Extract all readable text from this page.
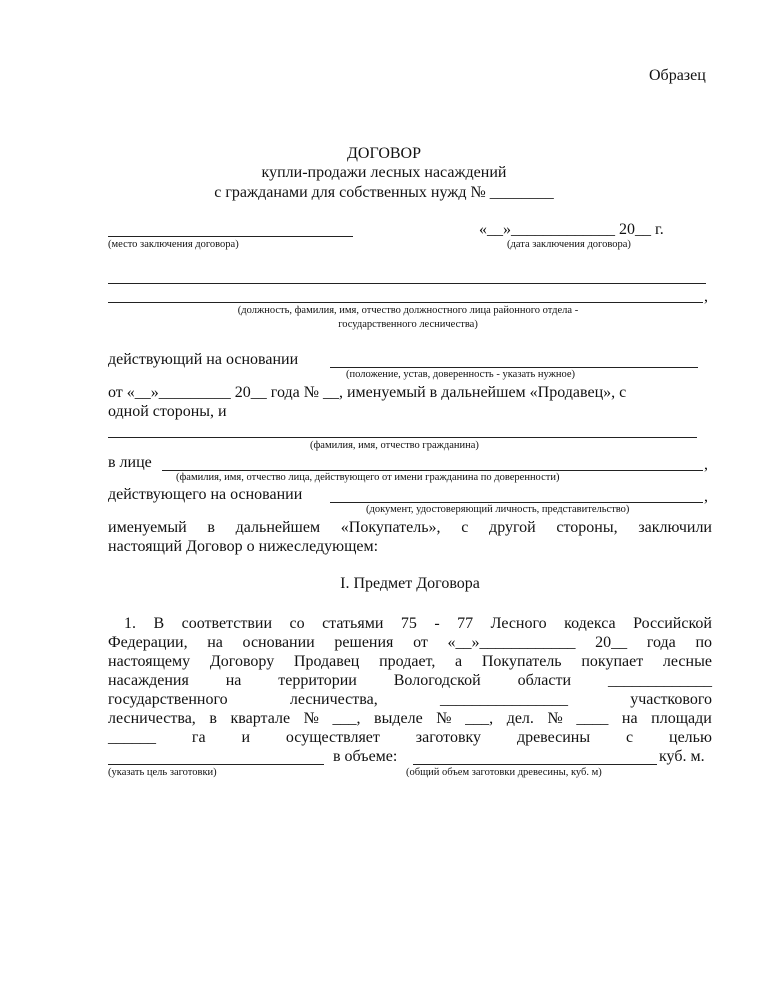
Образец
ДОГОВОР
купли-продажи лесных насаждений
с гражданами для собственных нужд № ________
«__»_____________ 20__ г.
(место заключения договора)	(дата заключения договора)
,
(должность, фамилия, имя, отчество должностного лица районного отдела -
государственного лесничества)
действующий на основании
(положение, устав, доверенность - указать нужное)
от «__»_________ 20__ года № __, именуемый в дальнейшем «Продавец», с
одной стороны, и
(фамилия, имя, отчество гражданина)
в лице	,
(фамилия, имя, отчество лица, действующего от имени гражданина по доверенности)
действующего на основании	,
(документ, удостоверяющий личность, представительство)
именуемый в дальнейшем «Покупатель», с другой стороны, заключили
настоящий Договор о нижеследующем:
I. Предмет Договора
1. В соответствии со статьями 75 - 77 Лесного кодекса Российской
Федерации, на основании решения от «__»____________ 20__ года по
настоящему Договору Продавец продает, а Покупатель покупает лесные
насаждения на территории Вологодской области _____________
государственного	лесничества,	________________	участкового
лесничества, в квартале № ___, выделе № ___, дел. № ____ на площади
______ га и осуществляет заготовку древесины с целью
в объеме:	куб. м.
(указать цель заготовки)	(общий объем заготовки древесины, куб. м)
